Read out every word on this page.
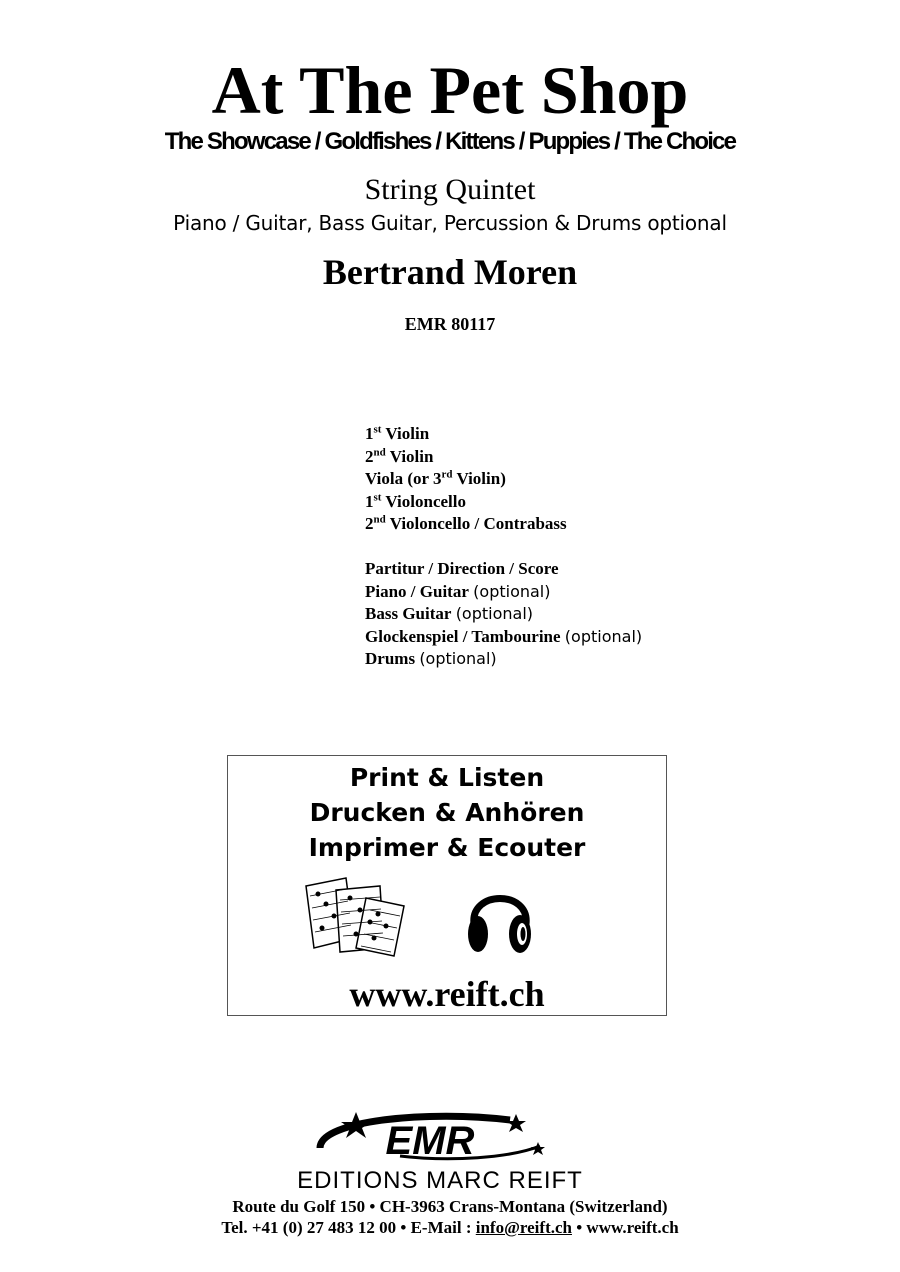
At The Pet Shop
The Showcase / Goldfishes / Kittens / Puppies / The Choice
String Quintet
Piano / Guitar, Bass Guitar, Percussion & Drums optional
Bertrand Moren
EMR 80117
1st Violin
2nd Violin
Viola (or 3rd Violin)
1st Violoncello
2nd Violoncello / Contrabass
Partitur / Direction / Score
Piano / Guitar (optional)
Bass Guitar (optional)
Glockenspiel / Tambourine (optional)
Drums (optional)
Print & Listen
Drucken & Anhören
Imprimer & Ecouter
www.reift.ch
EMR
EDITIONS MARC REIFT
Route du Golf 150 • CH-3963 Crans-Montana (Switzerland)
Tel. +41 (0) 27 483 12 00 • E-Mail : info@reift.ch • www.reift.ch
